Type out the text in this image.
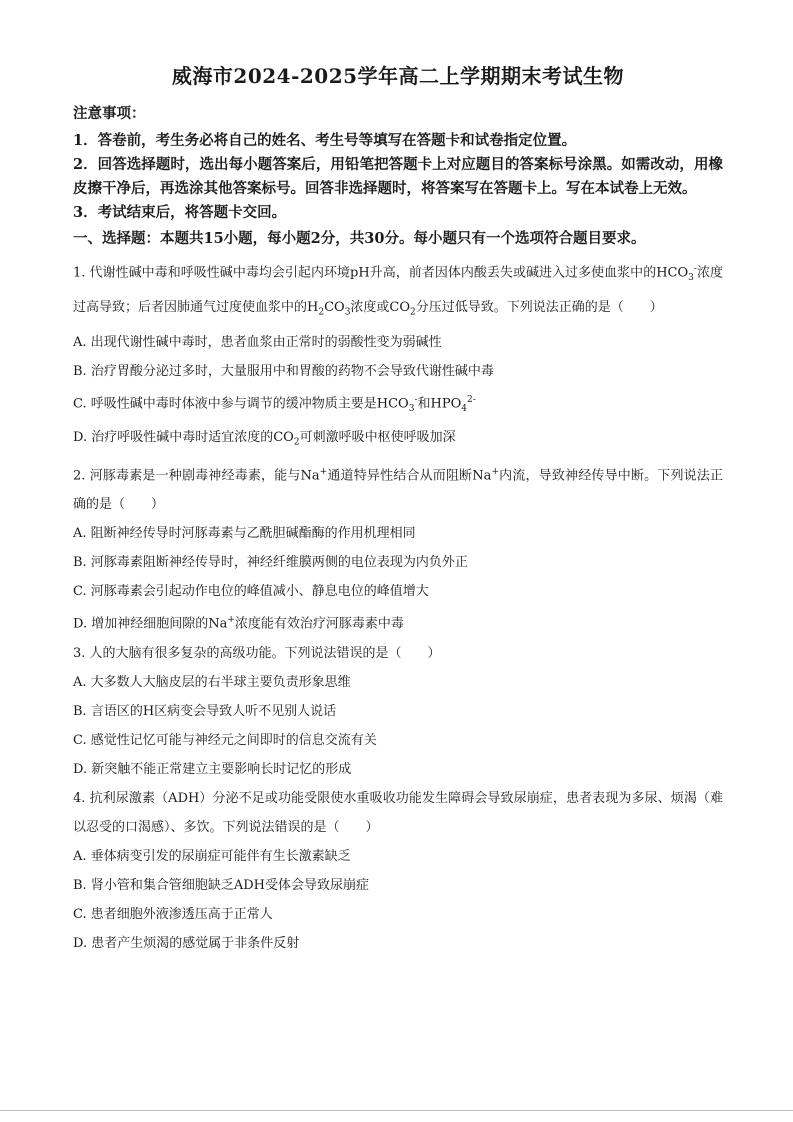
威海市2024-2025学年高二上学期期末考试生物

注意事项：

1．答卷前，考生务必将自己的姓名、考生号等填写在答题卡和试卷指定位置。

2．回答选择题时，选出每小题答案后，用铅笔把答题卡上对应题目的答案标号涂黑。如需改动，用橡皮擦干净后，再选涂其他答案标号。回答非选择题时，将答案写在答题卡上。写在本试卷上无效。

3．考试结束后，将答题卡交回。

一、选择题：本题共15小题，每小题2分，共30分。每小题只有一个选项符合题目要求。

1. 代谢性碱中毒和呼吸性碱中毒均会引起内环境pH升高，前者因体内酸丢失或碱进入过多使血浆中的$HCO_3^-$浓度过高导致；后者因肺通气过度使血浆中的$H_2CO_3$浓度或$CO_2$分压过低导致。下列说法正确的是（　　）

A. 出现代谢性碱中毒时，患者血浆由正常时的弱酸性变为弱碱性

B. 治疗胃酸分泌过多时，大量服用中和胃酸的药物不会导致代谢性碱中毒

C. 呼吸性碱中毒时体液中参与调节的缓冲物质主要是$HCO_3^-$和$HPO_4^{2-}$

D. 治疗呼吸性碱中毒时适宜浓度的$CO_2$可刺激呼吸中枢使呼吸加深

2. 河豚毒素是一种剧毒神经毒素，能与Na+通道特异性结合从而阻断Na+内流，导致神经传导中断。下列说法正确的是（　　）

A. 阻断神经传导时河豚毒素与乙酰胆碱酯酶的作用机理相同

B. 河豚毒素阻断神经传导时，神经纤维膜两侧的电位表现为内负外正

C. 河豚毒素会引起动作电位的峰值减小、静息电位的峰值增大

D. 增加神经细胞间隙的Na+浓度能有效治疗河豚毒素中毒

3. 人的大脑有很多复杂的高级功能。下列说法错误的是（　　）

A. 大多数人大脑皮层的右半球主要负责形象思维

B. 言语区的H区病变会导致人听不见别人说话

C. 感觉性记忆可能与神经元之间即时的信息交流有关

D. 新突触不能正常建立主要影响长时记忆的形成

4. 抗利尿激素（ADH）分泌不足或功能受限使水重吸收功能发生障碍会导致尿崩症，患者表现为多尿、烦渴（难以忍受的口渴感）、多饮。下列说法错误的是（　　）

A. 垂体病变引发的尿崩症可能伴有生长激素缺乏

B. 肾小管和集合管细胞缺乏ADH受体会导致尿崩症

C. 患者细胞外液渗透压高于正常人

D. 患者产生烦渴的感觉属于非条件反射
